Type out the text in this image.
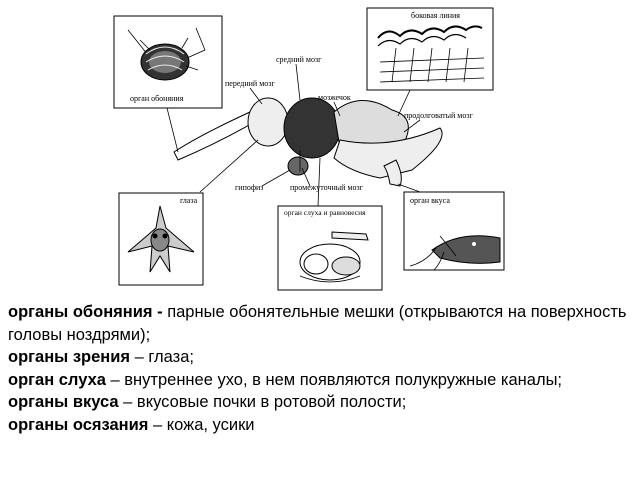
орган обоняния
боковая линия
средний мозг
передний мозг
мозжечок
продолговатый мозг
гипофиз	промежуточный мозг
глаза
орган слуха и равновесия
орган вкуса

органы обоняния - парные обонятельные мешки (открываются на поверхность головы ноздрями);

органы зрения – глаза;

орган слуха – внутреннее ухо, в нем появляются полукружные каналы;

органы вкуса – вкусовые почки в ротовой полости;

органы осязания – кожа, усики
